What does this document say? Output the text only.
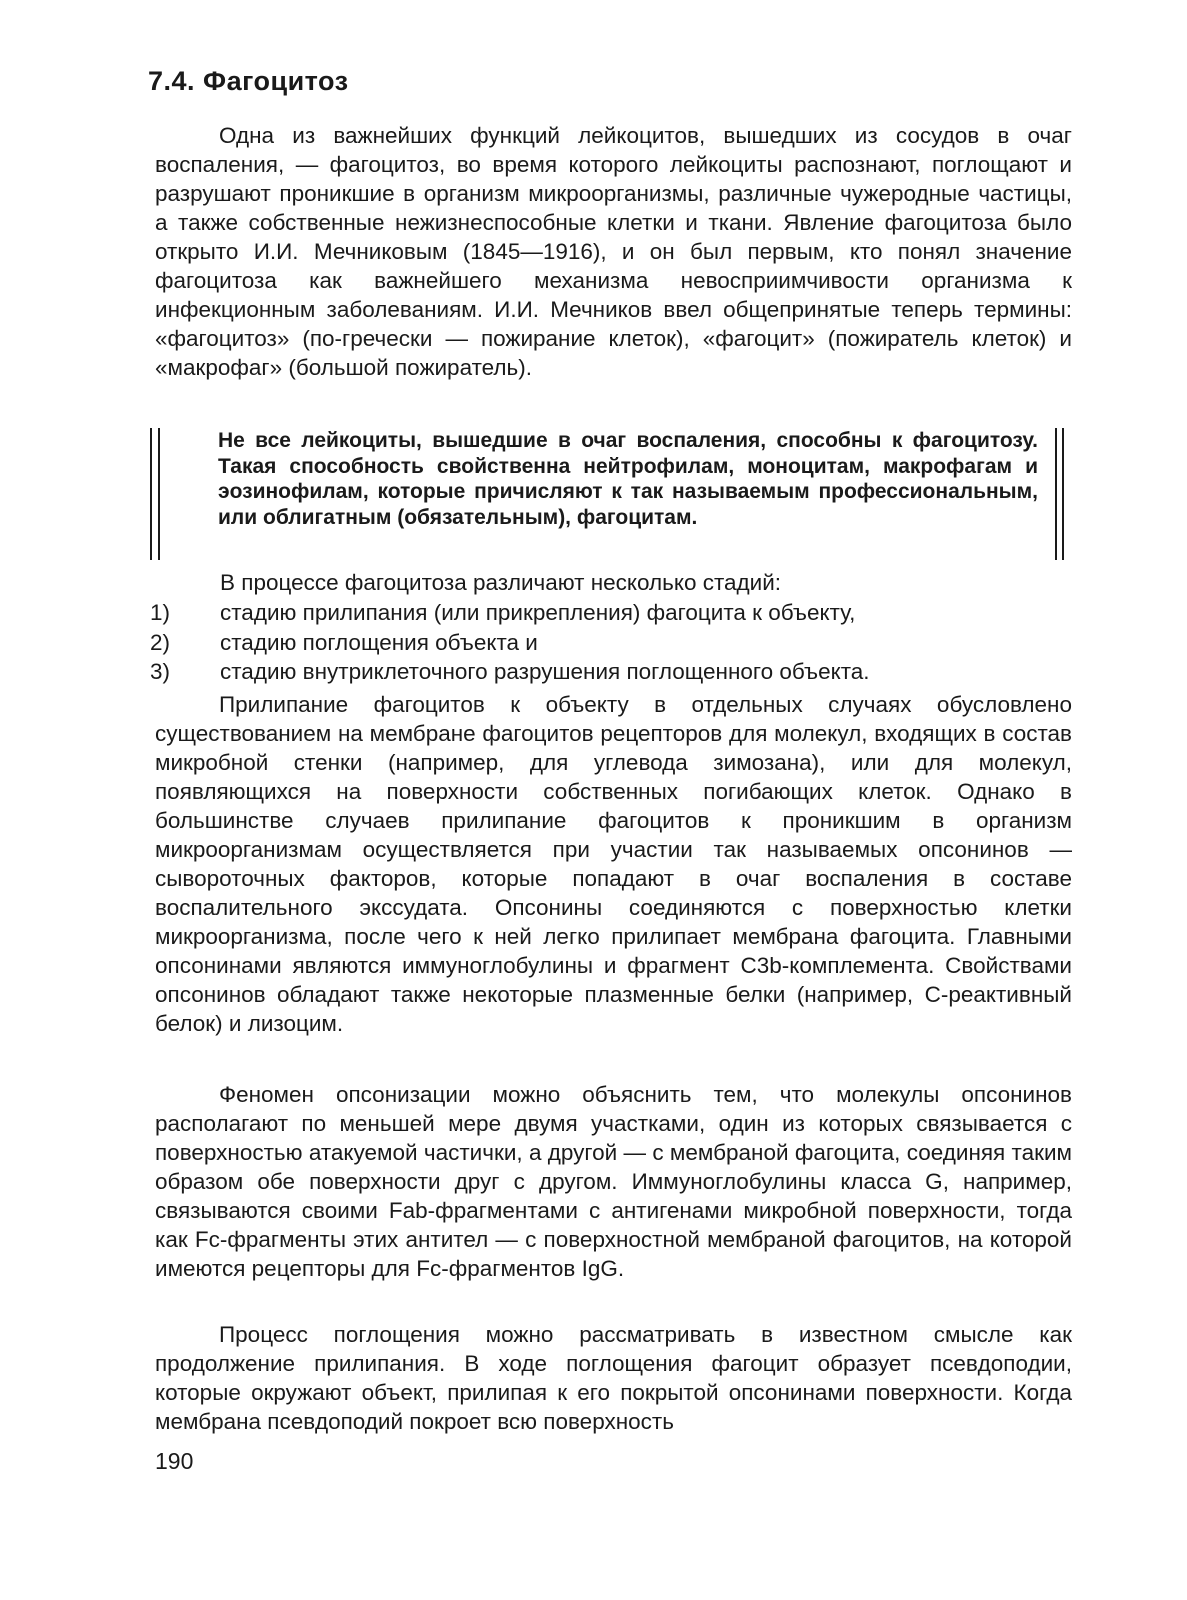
7.4. Фагоцитоз

Одна из важнейших функций лейкоцитов, вышедших из сосудов в очаг воспаления, — фагоцитоз, во время которого лейкоциты распознают, поглощают и разрушают проникшие в организм микроорганизмы, различные чужеродные частицы, а также собственные нежизнеспособные клетки и ткани. Явление фагоцитоза было открыто И.И. Мечниковым (1845—1916), и он был первым, кто понял значение фагоцитоза как важнейшего механизма невосприимчивости организма к инфекционным заболеваниям. И.И. Мечников ввел общепринятые теперь термины: «фагоцитоз» (по-гречески — пожирание клеток), «фагоцит» (пожиратель клеток) и «макрофаг» (большой пожиратель).

Не все лейкоциты, вышедшие в очаг воспаления, способны к фагоцитозу. Такая способность свойственна нейтрофилам, моноцитам, макрофагам и эозинофилам, которые причисляют к так называемым профессиональным, или облигатным (обязательным), фагоцитам.

В процессе фагоцитоза различают несколько стадий:

1) стадию прилипания (или прикрепления) фагоцита к объекту,
2) стадию поглощения объекта и
3) стадию внутриклеточного разрушения поглощенного объекта.

Прилипание фагоцитов к объекту в отдельных случаях обусловлено существованием на мембране фагоцитов рецепторов для молекул, входящих в состав микробной стенки (например, для углевода зимозана), или для молекул, появляющихся на поверхности собственных погибающих клеток. Однако в большинстве случаев прилипание фагоцитов к проникшим в организм микроорганизмам осуществляется при участии так называемых опсонинов — сывороточных факторов, которые попадают в очаг воспаления в составе воспалительного экссудата. Опсонины соединяются с поверхностью клетки микроорганизма, после чего к ней легко прилипает мембрана фагоцита. Главными опсонинами являются иммуноглобулины и фрагмент C3b-комплемента. Свойствами опсонинов обладают также некоторые плазменные белки (например, С-реактивный белок) и лизоцим.

Феномен опсонизации можно объяснить тем, что молекулы опсонинов располагают по меньшей мере двумя участками, один из которых связывается с поверхностью атакуемой частички, а другой — с мембраной фагоцита, соединяя таким образом обе поверхности друг с другом. Иммуноглобулины класса G, например, связываются своими Fab-фрагментами с антигенами микробной поверхности, тогда как Fc-фрагменты этих антител — с поверхностной мембраной фагоцитов, на которой имеются рецепторы для Fc-фрагментов IgG.

Процесс поглощения можно рассматривать в известном смысле как продолжение прилипания. В ходе поглощения фагоцит образует псевдоподии, которые окружают объект, прилипая к его покрытой опсонинами поверхности. Когда мембрана псевдоподий покроет всю поверхность

190
